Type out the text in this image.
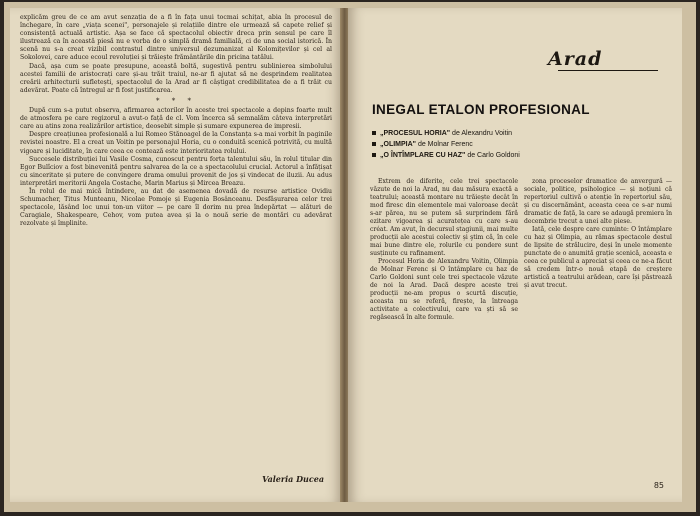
explicăm greu de ce am avut senzația de a fi în fața unui tocmai schițat, abia în procesul de închegare, în care „viața scenei", personajele și relațiile dintre ele urmează să capete relief și consistență actuală artistic. Așa se face că spectacolul obiectiv dreca prin sensul pe care îl ilustrează ca în această piesă nu e vorba de o simplă dramă familială, ci de una social istorică. În scenă nu s-a creat vizibil contrastul dintre universul dezumanizat al Kolomițevilor și cel al Sokolovei, care aduce ecoul revoluției și trăiește frământările din pricina tatălui.

Dacă, așa cum se poate presupune, această boltă, sugestivă pentru sublinierea simbolului acestei familii de aristocrați care și-au trăit traiul, ne-ar fi ajutat să ne desprindem realitatea creării arhitecturii sufletești, spectacolul de la Arad ar fi câștigat credibilitatea de a fi trăit cu adevărat. Poate că întregul ar fi fost justificarea.

* * *

După cum s-a putut observa, afirmarea actorilor în aceste trei spectacole a depins foarte mult de atmosfera pe care regizorul a avut-o față de cl. Vom încerca să semnalăm câteva interpretări care au atins zona realizărilor artistice, deosebit simple și sumare expunerea de impresii.

Despre creațiunea profesională a lui Romeo Stănoagel de la Constanța s-a mai vorbit în paginile revistei noastre. El a creat un Voitin pe personajul Horia, cu o conduită scenică potrivită, cu multă vigoare și luciditate, în care ceea ce contează este interioritatea rolului.

Succesele distribuției lui Vasile Cosma, cunoscut pentru forța talentului său, în rolul titular din Egor Bulîciov a fost binevenită pentru salvarea de la ce a spectacolului crucial. Actorul a înfățișat cu sinceritate și putere de convingere drama omului provenit de jos și vindecat de iluzii. Au adus interpretări meritorii Angela Costache, Marin Marius și Mircea Breazu.

În rolul de mai mică întindere, au dat de asemenea dovadă de resurse artistice Ovidiu Schumacher, Titus Munteanu, Nicolae Pomoje și Eugenia Bosânceanu. Desfășurarea celor trei spectacole, lăsând loc unui ton-un viitor — pe care îl dorim nu prea îndepărtat — alături de Caragiale, Shakespeare, Cehov, vom putea avea și la o nouă serie de montări cu adevărat rezolvate și împlinite.

Valeria Ducea
Arad
INEGAL ETALON PROFESIONAL
„PROCESUL HORIA" de Alexandru Voitin
„OLIMPIA" de Molnar Ferenc
„O ÎNTÎMPLARE CU HAZ" de Carlo Goldoni

Extrem de diferite, cele trei spectacole văzute de noi la Arad, nu dau măsura exactă a teatrului; această montare nu trăiește decât în mod firesc din elementele mai valoroase decât s-ar părea, nu se putem să surprindem fără ezitare vigoarea și acuratețea cu care s-au créat. Am avut, în decursul stagiunii, mai multe producții ale acestui colectiv și ştim că, în cele mai bune dintre ele, rolurile cu pondere sunt susținute cu rafinament.

Procesul Horia de Alexandru Voitin, Olimpia de Molnar Ferenc și O întâmplare cu haz de Carlo Goldoni sunt cele trei spectacole văzute de noi la Arad. Dacă despre aceste trei producții ne-am propus o scurtă discuție, aceasta nu se referă, firește, la întreaga activitate a colectivului, care va ști să se regăsească în alte formule.

zona proceselor dramatice de anvergură — sociale, politice, psihologice — și noțiuni că repertoriul cultivă o atenție în repertoriul său, și cu discernământ, aceasta ceea ce s-ar numi dramatic de față, la care se adaugă premiera în decembrie trecut a unei alte piese.

Iată, cele despre care cuminte: O întâmplare cu haz și Olimpia, au rămas spectacole destul de lipsite de strălucire, deși în unele momente punctate de o anumită grație scenică, aceasta e ceea ce publicul a apreciat și ceea ce ne-a făcut să credem într-o nouă etapă de creștere artistică a teatrului arădean, care își păstrează și avut trecut.

85
